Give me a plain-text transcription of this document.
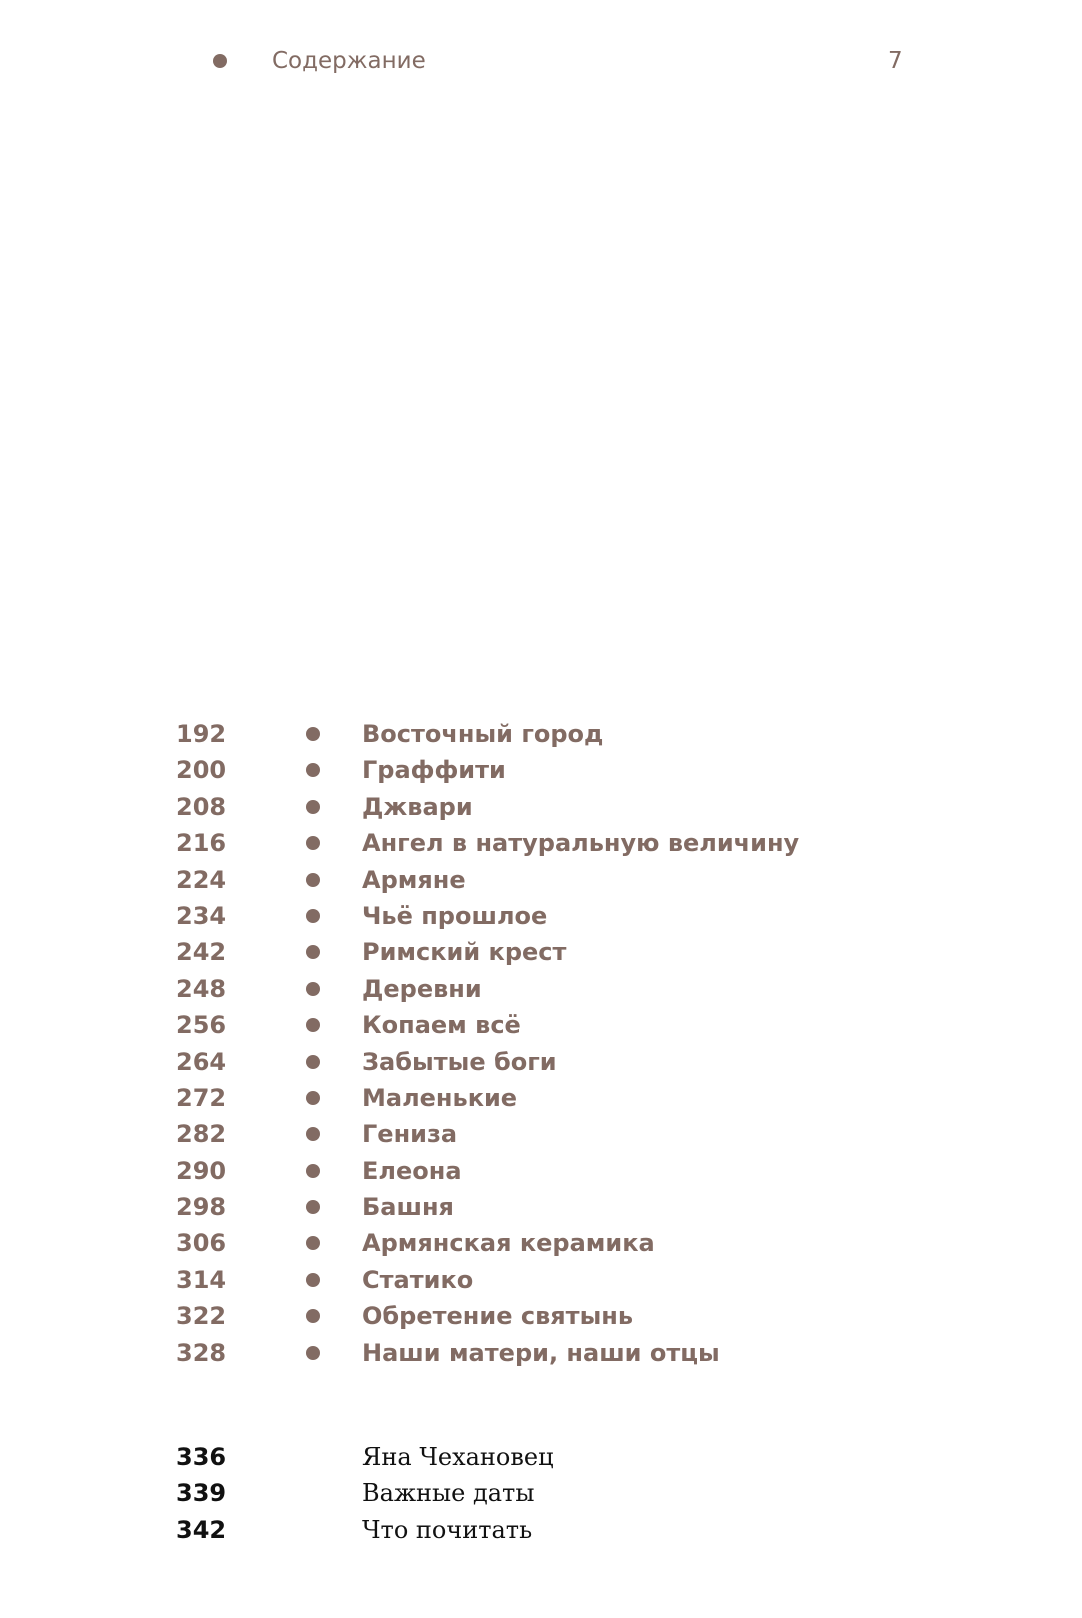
Содержание	7
192	Восточный город
200	Граффити
208	Джвари
216	Ангел в натуральную величину
224	Армяне
234	Чьё прошлое
242	Римский крест
248	Деревни
256	Копаем всё
264	Забытые боги
272	Маленькие
282	Гениза
290	Елеона
298	Башня
306	Армянская керамика
314	Статико
322	Обретение святынь
328	Наши матери, наши отцы
336	Яна Чехановец
339	Важные даты
342	Что почитать
